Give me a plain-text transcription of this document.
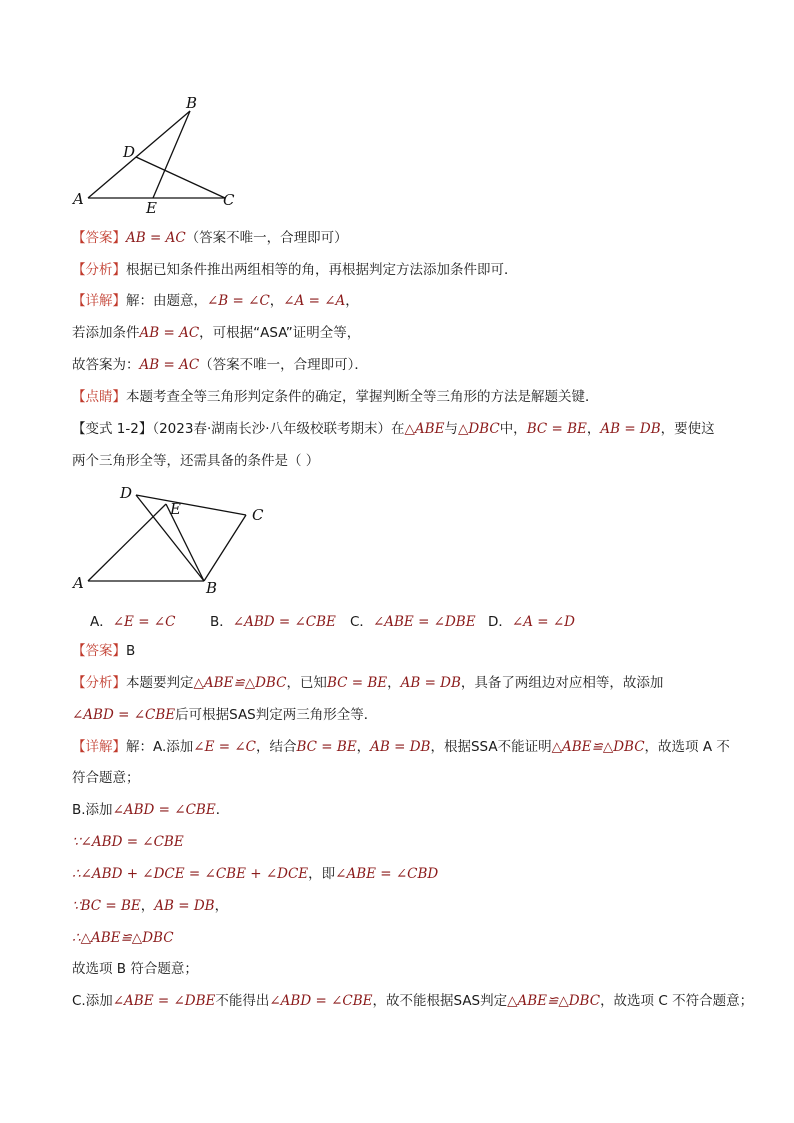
B
D
A	E	C
【答案】AB = AC（答案不唯一，合理即可）
【分析】根据已知条件推出两组相等的角，再根据判定方法添加条件即可．
【详解】解：由题意，∠B = ∠C，∠A = ∠A，
若添加条件AB = AC，可根据“ASA”证明全等，
故答案为：AB = AC（答案不唯一，合理即可）．
【点睛】本题考查全等三角形判定条件的确定，掌握判断全等三角形的方法是解题关键．
【变式 1-2】（2023春·湖南长沙·八年级校联考期末）在△ABE与△DBC中，BC = BE，AB = DB，要使这
两个三角形全等，还需具备的条件是（ ）
D
E	C
A	B
A．∠E = ∠C	B．∠ABD = ∠CBE C．∠ABE = ∠DBE D．∠A = ∠D
【答案】B
【分析】本题要判定△ABE≌△DBC，已知BC = BE，AB = DB，具备了两组边对应相等，故添加
∠ABD = ∠CBE后可根据SAS判定两三角形全等．
【详解】解：A.添加∠E = ∠C，结合BC = BE，AB = DB，根据SSA不能证明△ABE≌△DBC，故选项 A 不
符合题意；
B.添加∠ABD = ∠CBE．
∵∠ABD = ∠CBE
∴∠ABD + ∠DCE = ∠CBE + ∠DCE，即∠ABE = ∠CBD
∵BC = BE，AB = DB，
∴△ABE≌△DBC
故选项 B 符合题意；
C.添加∠ABE = ∠DBE不能得出∠ABD = ∠CBE，故不能根据SAS判定△ABE≌△DBC，故选项 C 不符合题意；
